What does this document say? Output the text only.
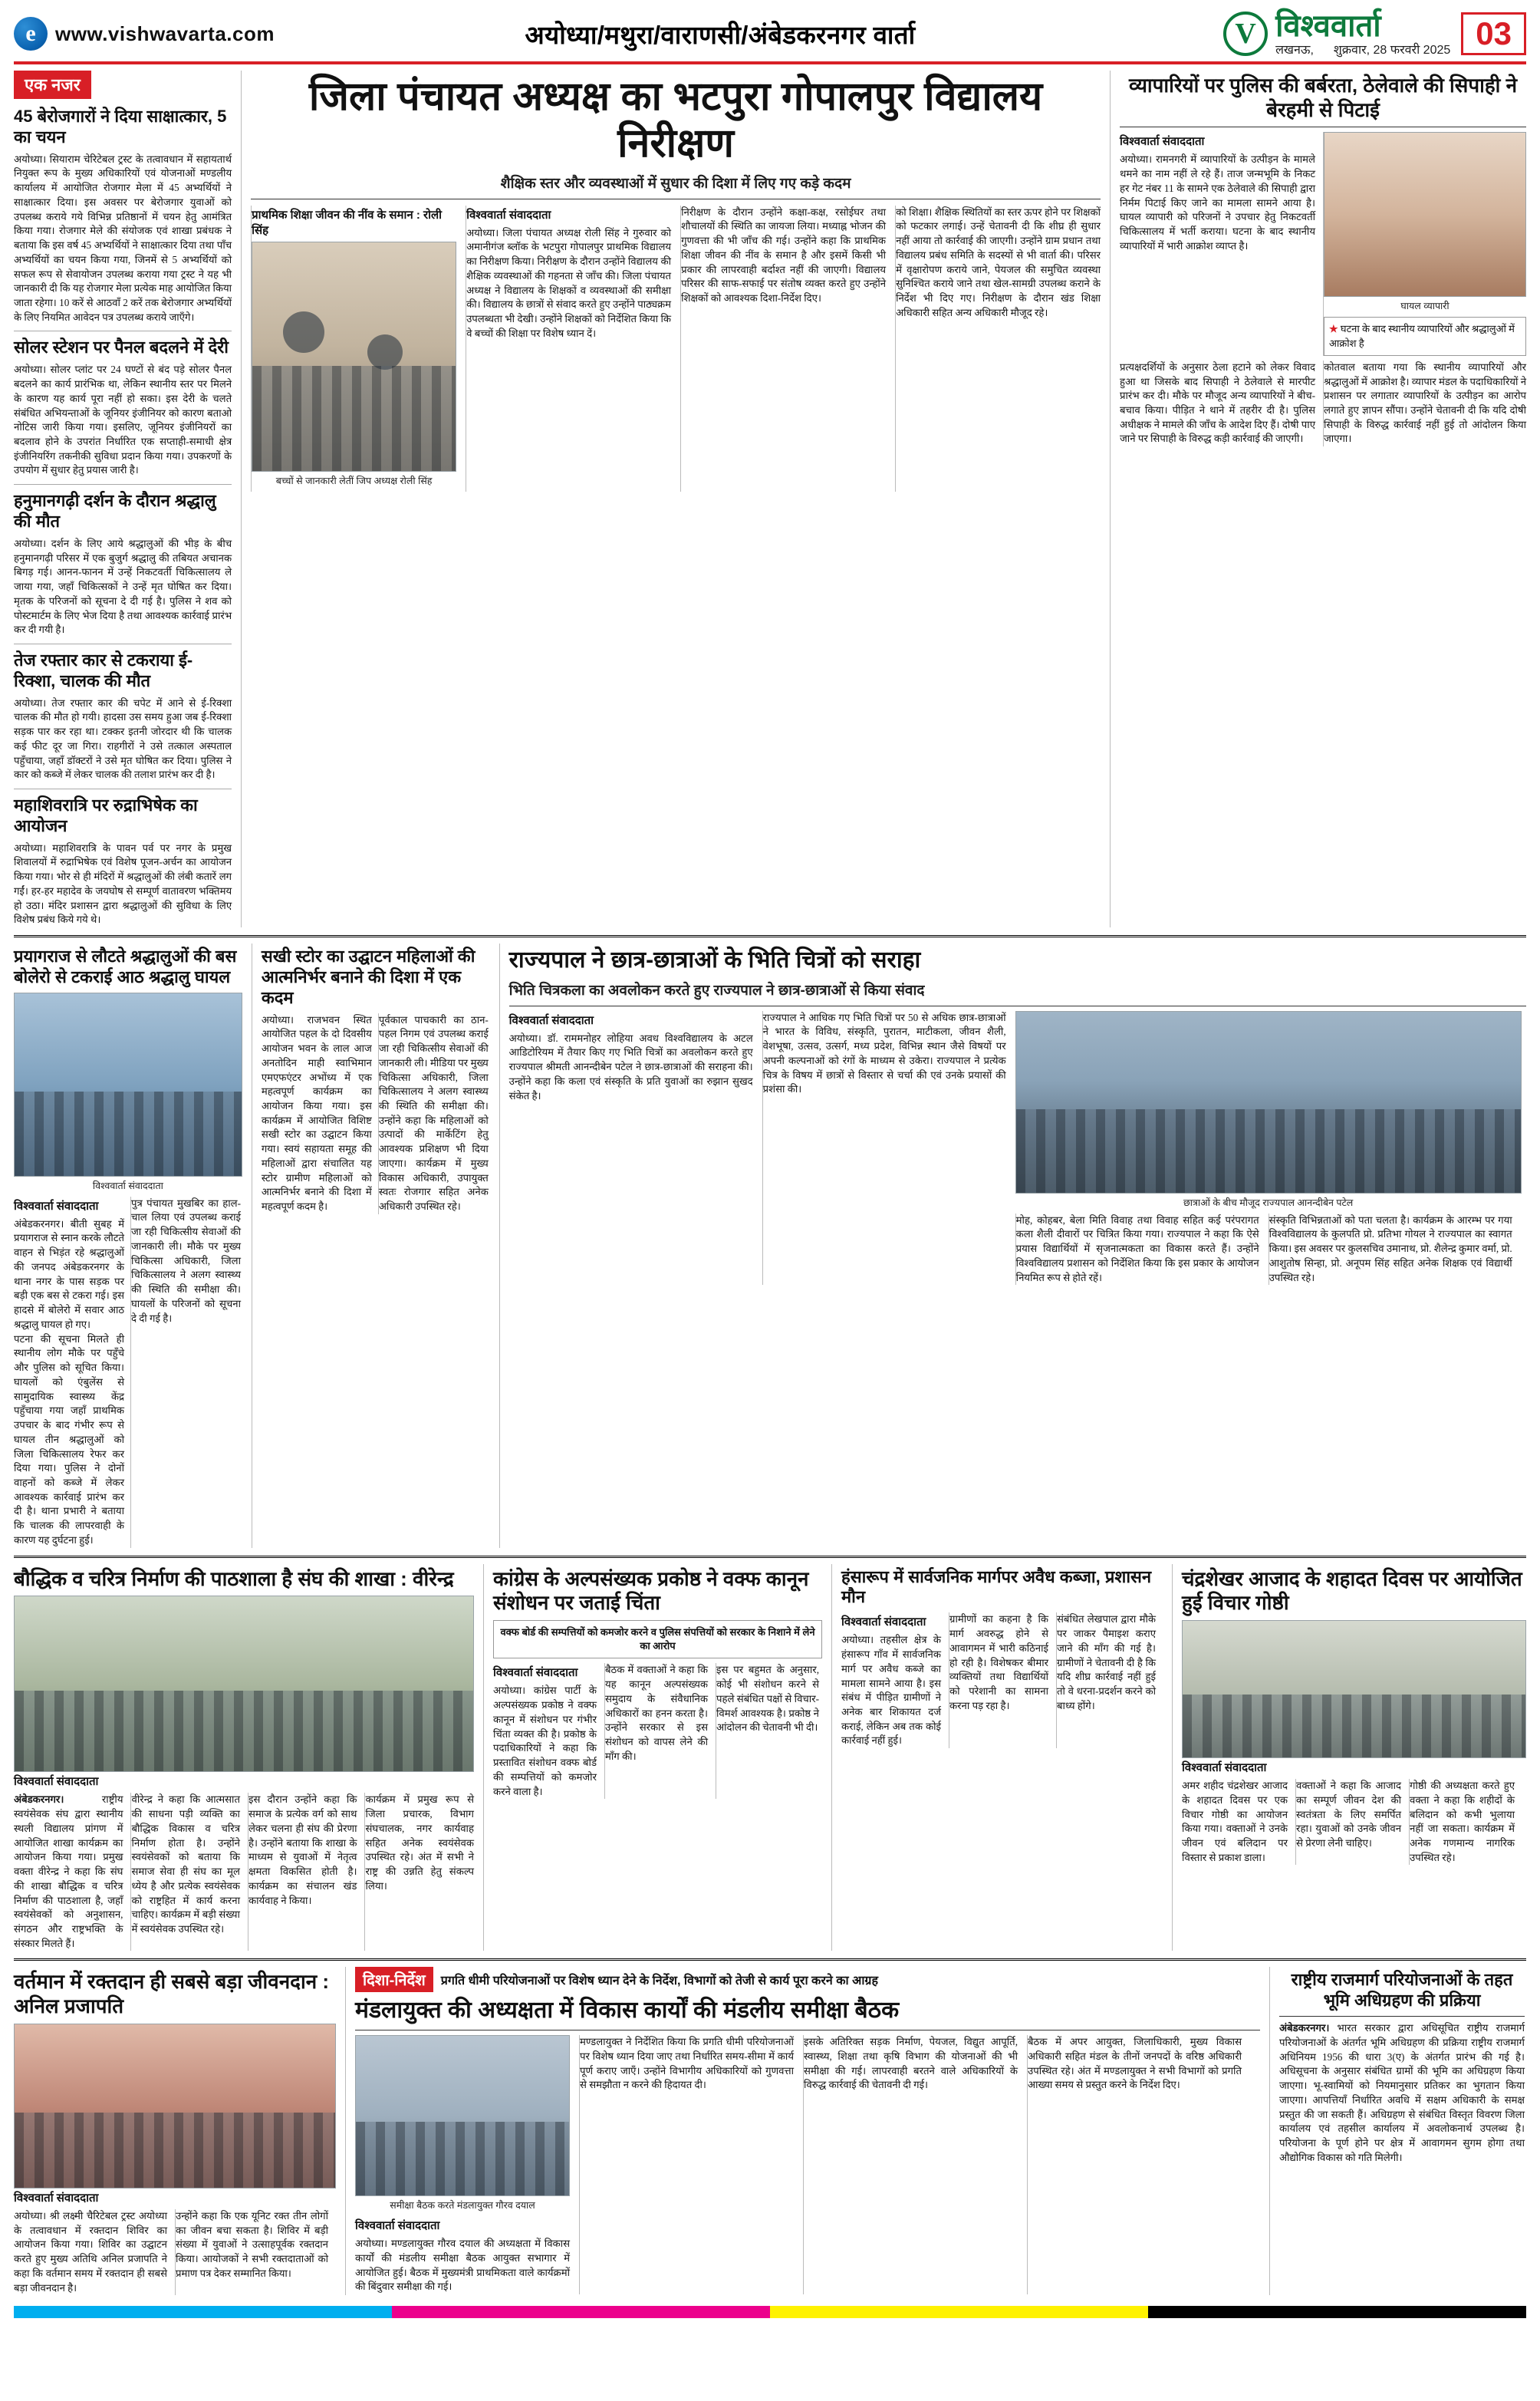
e www.vishwavarta.com	अयोध्या/मथुरा/वाराणसी/अंबेडकरनगर वार्ता	V विश्ववार्ता
लखनऊ, शुक्रवार, 28 फरवरी 2025 03
एक नजर
45 बेरोजगारों ने दिया साक्षात्कार, 5 का चयन
अयोध्या। सियाराम चेरिटेबल ट्रस्ट के तत्वावधान में सहायतार्थ नियुक्त रूप के मुख्य अधिकारियों एवं योजनाओं मण्डलीय कार्यालय में आयोजित रोजगार मेला में 45 अभ्यर्थियों ने साक्षात्कार दिया। इस अवसर पर बेरोजगार युवाओं को उपलब्ध कराये गये विभिन्न प्रतिष्ठानों में चयन हेतु आमंत्रित किया गया। रोजगार मेले की संयोजक एवं शाखा प्रबंधक ने बताया कि इस वर्ष 45 अभ्यर्थियों ने साक्षात्कार दिया तथा पाँच अभ्यर्थियों का चयन किया गया, जिनमें से 5 अभ्यर्थियों को सफल रूप से सेवायोजन उपलब्ध कराया गया ट्रस्ट ने यह भी जानकारी दी कि यह रोजगार मेला प्रत्येक माह आयोजित किया जाता रहेगा। 10 करें से आठवाँ 2 करें तक बेरोजगार अभ्यर्थियों के लिए नियमित आवेदन पत्र उपलब्ध कराये जाएँगे।
सोलर स्टेशन पर पैनल बदलने में देरी
अयोध्या। सोलर प्लांट पर 24 घण्टों से बंद पड़े सोलर पैनल बदलने का कार्य प्रारंभिक था, लेकिन स्थानीय स्तर पर मिलने के कारण यह कार्य पूरा नहीं हो सका। इस देरी के चलते संबंधित अभियन्ताओं के जूनियर इंजीनियर को कारण बताओ नोटिस जारी किया गया। इसलिए, जूनियर इंजीनियरों का बदलाव होने के उपरांत निर्धारित एक सप्ताही-समाधी क्षेत्र इंजीनियरिंग तकनीकी सुविधा प्रदान किया गया। उपकरणों के उपयोग में सुधार हेतु प्रयास जारी है।
हनुमानगढ़ी दर्शन के दौरान श्रद्धालु की मौत
अयोध्या। दर्शन के लिए आये श्रद्धालुओं की भीड़ के बीच हनुमानगढ़ी परिसर में एक बुजुर्ग श्रद्धालु की तबियत अचानक बिगड़ गई। आनन-फानन में उन्हें निकटवर्ती चिकित्सालय ले जाया गया, जहाँ चिकित्सकों ने उन्हें मृत घोषित कर दिया। मृतक के परिजनों को सूचना दे दी गई है। पुलिस ने शव को पोस्टमार्टम के लिए भेज दिया है तथा आवश्यक कार्रवाई प्रारंभ कर दी गयी है।
तेज रफ्तार कार से टकराया ई-रिक्शा, चालक की मौत
अयोध्या। तेज रफ्तार कार की चपेट में आने से ई-रिक्शा चालक की मौत हो गयी। हादसा उस समय हुआ जब ई-रिक्शा सड़क पार कर रहा था। टक्कर इतनी जोरदार थी कि चालक कई फीट दूर जा गिरा। राहगीरों ने उसे तत्काल अस्पताल पहुँचाया, जहाँ डॉक्टरों ने उसे मृत घोषित कर दिया। पुलिस ने कार को कब्जे में लेकर चालक की तलाश प्रारंभ कर दी है।
महाशिवरात्रि पर रुद्राभिषेक का आयोजन
अयोध्या। महाशिवरात्रि के पावन पर्व पर नगर के प्रमुख शिवालयों में रुद्राभिषेक एवं विशेष पूजन-अर्चन का आयोजन किया गया। भोर से ही मंदिरों में श्रद्धालुओं की लंबी कतारें लग गईं। हर-हर महादेव के जयघोष से सम्पूर्ण वातावरण भक्तिमय हो उठा। मंदिर प्रशासन द्वारा श्रद्धालुओं की सुविधा के लिए विशेष प्रबंध किये गये थे।
जिला पंचायत अध्यक्ष का भटपुरा गोपालपुर विद्यालय निरीक्षण
शैक्षिक स्तर और व्यवस्थाओं में सुधार की दिशा में लिए गए कड़े कदम
प्राथमिक शिक्षा जीवन की नींव के समान : रोली सिंह
बच्चों से जानकारी लेतीं जिप अध्यक्ष रोली सिंह
विश्ववार्ता संवाददाता
अयोध्या। जिला पंचायत अध्यक्ष रोली सिंह ने गुरुवार को अमानीगंज ब्लॉक के भटपुरा गोपालपुर प्राथमिक विद्यालय का निरीक्षण किया। निरीक्षण के दौरान उन्होंने विद्यालय की शैक्षिक व्यवस्थाओं की गहनता से जाँच की। जिला पंचायत अध्यक्ष ने विद्यालय के शिक्षकों व व्यवस्थाओं की समीक्षा की। विद्यालय के छात्रों से संवाद करते हुए उन्होंने पाठ्यक्रम उपलब्धता भी देखी। उन्होंने शिक्षकों को निर्देशित किया कि वे बच्चों की शिक्षा पर विशेष ध्यान दें।
निरीक्षण के दौरान उन्होंने कक्षा-कक्ष, रसोईघर तथा शौचालयों की स्थिति का जायजा लिया। मध्याह्न भोजन की गुणवत्ता की भी जाँच की गई। उन्होंने कहा कि प्राथमिक शिक्षा जीवन की नींव के समान है और इसमें किसी भी प्रकार की लापरवाही बर्दाश्त नहीं की जाएगी। विद्यालय परिसर की साफ-सफाई पर संतोष व्यक्त करते हुए उन्होंने शिक्षकों को आवश्यक दिशा-निर्देश दिए।
को शिक्षा। शैक्षिक स्थितियों का स्तर ऊपर होने पर शिक्षकों को फटकार लगाई। उन्हें चेतावनी दी कि शीघ्र ही सुधार नहीं आया तो कार्रवाई की जाएगी। उन्होंने ग्राम प्रधान तथा विद्यालय प्रबंध समिति के सदस्यों से भी वार्ता की। परिसर में वृक्षारोपण कराये जाने, पेयजल की समुचित व्यवस्था सुनिश्चित कराये जाने तथा खेल-सामग्री उपलब्ध कराने के निर्देश भी दिए गए। निरीक्षण के दौरान खंड शिक्षा अधिकारी सहित अन्य अधिकारी मौजूद रहे।
व्यापारियों पर पुलिस की बर्बरता, ठेलेवाले की सिपाही ने बेरहमी से पिटाई
विश्ववार्ता संवाददाता
अयोध्या। रामनगरी में व्यापारियों के उत्पीड़न के मामले थमने का नाम नहीं ले रहे हैं। ताज जन्मभूमि के निकट हर गेट नंबर 11 के सामने एक ठेलेवाले की सिपाही द्वारा निर्मम पिटाई किए जाने का मामला सामने आया है। घायल व्यापारी को परिजनों ने उपचार हेतु निकटवर्ती चिकित्सालय में भर्ती कराया। घटना के बाद स्थानीय व्यापारियों में भारी आक्रोश व्याप्त है।
घायल व्यापारी
★ घटना के बाद स्थानीय व्यापारियों और श्रद्धालुओं में आक्रोश है
प्रत्यक्षदर्शियों के अनुसार ठेला हटाने को लेकर विवाद हुआ था जिसके बाद सिपाही ने ठेलेवाले से मारपीट प्रारंभ कर दी। मौके पर मौजूद अन्य व्यापारियों ने बीच-बचाव किया। पीड़ित ने थाने में तहरीर दी है। पुलिस अधीक्षक ने मामले की जाँच के आदेश दिए हैं। दोषी पाए जाने पर सिपाही के विरुद्ध कड़ी कार्रवाई की जाएगी।
कोतवाल बताया गया कि स्थानीय व्यापारियों और श्रद्धालुओं में आक्रोश है। व्यापार मंडल के पदाधिकारियों ने प्रशासन पर लगातार व्यापारियों के उत्पीड़न का आरोप लगाते हुए ज्ञापन सौंपा। उन्होंने चेतावनी दी कि यदि दोषी सिपाही के विरुद्ध कार्रवाई नहीं हुई तो आंदोलन किया जाएगा।
प्रयागराज से लौटते श्रद्धालुओं की बस बोलेरो से टकराई आठ श्रद्धालु घायल
विश्ववार्ता संवाददाता
विश्ववार्ता संवाददाता
अंबेडकरनगर। बीती सुबह में प्रयागराज से स्नान करके लौटते वाहन से भिड़ंत रहे श्रद्धालुओं की जनपद अंबेडकरनगर के थाना नगर के पास सड़क पर बड़ी एक बस से टकरा गई। इस हादसे में बोलेरो में सवार आठ श्रद्धालु घायल हो गए।
पटना की सूचना मिलते ही स्थानीय लोग मौके पर पहुँचे और पुलिस को सूचित किया। घायलों को एंबुलेंस से सामुदायिक स्वास्थ्य केंद्र पहुँचाया गया जहाँ प्राथमिक उपचार के बाद गंभीर रूप से घायल तीन श्रद्धालुओं को जिला चिकित्सालय रेफर कर दिया गया। पुलिस ने दोनों वाहनों को कब्जे में लेकर आवश्यक कार्रवाई प्रारंभ कर दी है। थाना प्रभारी ने बताया कि चालक की लापरवाही के कारण यह दुर्घटना हुई।
पुत्र पंचायत मुखबिर का हाल-चाल लिया एवं उपलब्ध कराई जा रही चिकित्सीय सेवाओं की जानकारी ली। मौके पर मुख्य चिकित्सा अधिकारी, जिला चिकित्सालय ने अलग स्वास्थ्य की स्थिति की समीक्षा की। घायलों के परिजनों को सूचना दे दी गई है।
सखी स्टोर का उद्घाटन महिलाओं की आत्मनिर्भर बनाने की दिशा में एक कदम
अयोध्या। राजभवन स्थित आयोजित पहल के दो दिवसीय आयोजन भवन के लाल आज अनतोदिन माही स्वाभिमान एमएफएंटर अभोंध्य में एक महत्वपूर्ण कार्यक्रम का आयोजन किया गया। इस कार्यक्रम में आयोजित विशिष्ट सखी स्टोर का उद्घाटन किया गया। स्वयं सहायता समूह की महिलाओं द्वारा संचालित यह स्टोर ग्रामीण महिलाओं को आत्मनिर्भर बनाने की दिशा में महत्वपूर्ण कदम है।
पूर्वकाल पाचकारी का ठान-पहल निगम एवं उपलब्ध कराई जा रही चिकित्सीय सेवाओं की जानकारी ली। मीडिया पर मुख्य चिकित्सा अधिकारी, जिला चिकित्सालय ने अलग स्वास्थ्य की स्थिति की समीक्षा की। उन्होंने कहा कि महिलाओं को उत्पादों की मार्केटिंग हेतु आवश्यक प्रशिक्षण भी दिया जाएगा। कार्यक्रम में मुख्य विकास अधिकारी, उपायुक्त स्वतः रोजगार सहित अनेक अधिकारी उपस्थित रहे।
राज्यपाल ने छात्र-छात्राओं के भिति चित्रों को सराहा
भिति चित्रकला का अवलोकन करते हुए राज्यपाल ने छात्र-छात्राओं से किया संवाद
विश्ववार्ता संवाददाता
अयोध्या। डॉ. राममनोहर लोहिया अवध विश्वविद्यालय के अटल आडिटोरियम में तैयार किए गए भिति चित्रों का अवलोकन करते हुए राज्यपाल श्रीमती आनन्दीबेन पटेल ने छात्र-छात्राओं की सराहना की। उन्होंने कहा कि कला एवं संस्कृति के प्रति युवाओं का रुझान सुखद संकेत है।
राज्यपाल ने आधिक गए भिति चित्रों पर 50 से अधिक छात्र-छात्राओं ने भारत के विविध, संस्कृति, पुरातन, माटीकला, जीवन शैली, वेशभूषा, उत्सव, उत्सर्ग, मध्य प्रदेश, विभिन्न स्थान जैसे विषयों पर अपनी कल्पनाओं को रंगों के माध्यम से उकेरा। राज्यपाल ने प्रत्येक चित्र के विषय में छात्रों से विस्तार से चर्चा की एवं उनके प्रयासों की प्रशंसा की।
छात्राओं के बीच मौजूद राज्यपाल आनन्दीबेन पटेल
मोह, कोहबर, बेला मिति विवाह तथा विवाह सहित कई परंपरागत कला शैली दीवारों पर चित्रित किया गया। राज्यपाल ने कहा कि ऐसे प्रयास विद्यार्थियों में सृजनात्मकता का विकास करते हैं। उन्होंने विश्वविद्यालय प्रशासन को निर्देशित किया कि इस प्रकार के आयोजन नियमित रूप से होते रहें।
संस्कृति विभिन्नताओं को पता चलता है। कार्यक्रम के आरम्भ पर गया विश्वविद्यालय के कुलपति प्रो. प्रतिभा गोयल ने राज्यपाल का स्वागत किया। इस अवसर पर कुलसचिव उमानाथ, प्रो. शैलेन्द्र कुमार वर्मा, प्रो. आशुतोष सिन्हा, प्रो. अनूपम सिंह सहित अनेक शिक्षक एवं विद्यार्थी उपस्थित रहे।
बौद्धिक व चरित्र निर्माण की पाठशाला है संघ की शाखा : वीरेन्द्र
विश्ववार्ता संवाददाता
अंबेडकरनगर।	राष्ट्रीय स्वयंसेवक संघ द्वारा स्थानीय स्थली विद्यालय प्रांगण में आयोजित शाखा कार्यक्रम का आयोजन किया गया। प्रमुख वक्ता वीरेन्द्र ने कहा कि संघ की शाखा बौद्धिक व चरित्र निर्माण की पाठशाला है, जहाँ स्वयंसेवकों को अनुशासन, संगठन और राष्ट्रभक्ति के संस्कार मिलते हैं।
वीरेन्द्र ने कहा कि आत्मसात की साधना पड़ी व्यक्ति का बौद्धिक विकास व चरित्र निर्माण होता है। उन्होंने स्वयंसेवकों को बताया कि समाज सेवा ही संघ का मूल ध्येय है और प्रत्येक स्वयंसेवक को राष्ट्रहित में कार्य करना चाहिए। कार्यक्रम में बड़ी संख्या में स्वयंसेवक उपस्थित रहे।
इस दौरान उन्होंने कहा कि समाज के प्रत्येक वर्ग को साथ लेकर चलना ही संघ की प्रेरणा है। उन्होंने बताया कि शाखा के माध्यम से युवाओं में नेतृत्व क्षमता विकसित होती है। कार्यक्रम का संचालन खंड कार्यवाह ने किया।
कार्यक्रम में प्रमुख रूप से जिला प्रचारक, विभाग संघचालक, नगर कार्यवाह सहित अनेक स्वयंसेवक उपस्थित रहे। अंत में सभी ने राष्ट्र की उन्नति हेतु संकल्प लिया।
कांग्रेस के अल्पसंख्यक प्रकोष्ठ ने वक्फ कानून संशोधन पर जताई चिंता
वक्फ बोर्ड की सम्पत्तियों को कमजोर करने व पुलिस संपत्तियों को सरकार के निशाने में लेने का आरोप
विश्ववार्ता संवाददाता
अयोध्या। कांग्रेस पार्टी के अल्पसंख्यक प्रकोष्ठ ने वक्फ कानून में संशोधन पर गंभीर चिंता व्यक्त की है। प्रकोष्ठ के पदाधिकारियों ने कहा कि प्रस्तावित संशोधन वक्फ बोर्ड की सम्पत्तियों को कमजोर करने वाला है।
बैठक में वक्ताओं ने कहा कि यह कानून अल्पसंख्यक समुदाय के संवैधानिक अधिकारों का हनन करता है। उन्होंने सरकार से इस संशोधन को वापस लेने की माँग की।
इस पर बहुमत के अनुसार, कोई भी संशोधन करने से पहले संबंधित पक्षों से विचार-विमर्श आवश्यक है। प्रकोष्ठ ने आंदोलन की चेतावनी भी दी।
हंसारूप में सार्वजनिक मार्गपर अवैध कब्जा, प्रशासन मौन
विश्ववार्ता संवाददाता
अयोध्या। तहसील क्षेत्र के हंसारूप गाँव में सार्वजनिक मार्ग पर अवैध कब्जे का मामला सामने आया है। इस संबंध में पीड़ित ग्रामीणों ने अनेक बार शिकायत दर्ज कराई, लेकिन अब तक कोई कार्रवाई नहीं हुई।
ग्रामीणों का कहना है कि मार्ग अवरुद्ध होने से आवागमन में भारी कठिनाई हो रही है। विशेषकर बीमार व्यक्तियों तथा विद्यार्थियों को परेशानी का सामना करना पड़ रहा है।
संबंधित लेखपाल द्वारा मौके पर जाकर पैमाइश कराए जाने की माँग की गई है। ग्रामीणों ने चेतावनी दी है कि यदि शीघ्र कार्रवाई नहीं हुई तो वे धरना-प्रदर्शन करने को बाध्य होंगे।
चंद्रशेखर आजाद के शहादत दिवस पर आयोजित हुई विचार गोष्ठी
विश्ववार्ता संवाददाता
अमर शहीद चंद्रशेखर आजाद के शहादत दिवस पर एक विचार गोष्ठी का आयोजन किया गया। वक्ताओं ने उनके जीवन एवं बलिदान पर विस्तार से प्रकाश डाला।
वक्ताओं ने कहा कि आजाद का सम्पूर्ण जीवन देश की स्वतंत्रता के लिए समर्पित रहा। युवाओं को उनके जीवन से प्रेरणा लेनी चाहिए।
गोष्ठी की अध्यक्षता करते हुए वक्ता ने कहा कि शहीदों के बलिदान को कभी भुलाया नहीं जा सकता। कार्यक्रम में अनेक गणमान्य नागरिक उपस्थित रहे।
वर्तमान में रक्तदान ही सबसे बड़ा जीवनदान : अनिल प्रजापति
विश्ववार्ता संवाददाता
अयोध्या। श्री लक्ष्मी चैरिटेबल ट्रस्ट अयोध्या के तत्वावधान में रक्तदान शिविर का आयोजन किया गया। शिविर का उद्घाटन करते हुए मुख्य अतिथि अनिल प्रजापति ने कहा कि वर्तमान समय में रक्तदान ही सबसे बड़ा जीवनदान है।
उन्होंने कहा कि एक यूनिट रक्त तीन लोगों का जीवन बचा सकता है। शिविर में बड़ी संख्या में युवाओं ने उत्साहपूर्वक रक्तदान किया। आयोजकों ने सभी रक्तदाताओं को प्रमाण पत्र देकर सम्मानित किया।
दिशा-निर्देश	प्रगति धीमी परियोजनाओं पर विशेष ध्यान देने के निर्देश, विभागों को तेजी से कार्य पूरा करने का आग्रह
मंडलायुक्त की अध्यक्षता में विकास कार्यों की मंडलीय समीक्षा बैठक
समीक्षा बैठक करते मंडलायुक्त गौरव दयाल
विश्ववार्ता संवाददाता
अयोध्या। मण्डलायुक्त गौरव दयाल की अध्यक्षता में विकास कार्यों की मंडलीय समीक्षा बैठक आयुक्त सभागार में आयोजित हुई। बैठक में मुख्यमंत्री प्राथमिकता वाले कार्यक्रमों की बिंदुवार समीक्षा की गई।
मण्डलायुक्त ने निर्देशित किया कि प्रगति धीमी परियोजनाओं पर विशेष ध्यान दिया जाए तथा निर्धारित समय-सीमा में कार्य पूर्ण कराए जाएँ। उन्होंने विभागीय अधिकारियों को गुणवत्ता से समझौता न करने की हिदायत दी।
इसके अतिरिक्त सड़क निर्माण, पेयजल, विद्युत आपूर्ति, स्वास्थ्य, शिक्षा तथा कृषि विभाग की योजनाओं की भी समीक्षा की गई। लापरवाही बरतने वाले अधिकारियों के विरुद्ध कार्रवाई की चेतावनी दी गई।
बैठक में अपर आयुक्त, जिलाधिकारी, मुख्य विकास अधिकारी सहित मंडल के तीनों जनपदों के वरिष्ठ अधिकारी उपस्थित रहे। अंत में मण्डलायुक्त ने सभी विभागों को प्रगति आख्या समय से प्रस्तुत करने के निर्देश दिए।
राष्ट्रीय राजमार्ग परियोजनाओं के तहत भूमि अधिग्रहण की प्रक्रिया
अंबेडकरनगर। भारत सरकार द्वारा अधिसूचित राष्ट्रीय राजमार्ग परियोजनाओं के अंतर्गत भूमि अधिग्रहण की प्रक्रिया राष्ट्रीय राजमार्ग अधिनियम 1956 की धारा 3(ए) के अंतर्गत प्रारंभ की गई है। अधिसूचना के अनुसार संबंधित ग्रामों की भूमि का अधिग्रहण किया जाएगा। भू-स्वामियों को नियमानुसार प्रतिकर का भुगतान किया जाएगा। आपत्तियाँ निर्धारित अवधि में सक्षम अधिकारी के समक्ष प्रस्तुत की जा सकती हैं। अधिग्रहण से संबंधित विस्तृत विवरण जिला कार्यालय एवं तहसील कार्यालय में अवलोकनार्थ उपलब्ध है। परियोजना के पूर्ण होने पर क्षेत्र में आवागमन सुगम होगा तथा औद्योगिक विकास को गति मिलेगी।
